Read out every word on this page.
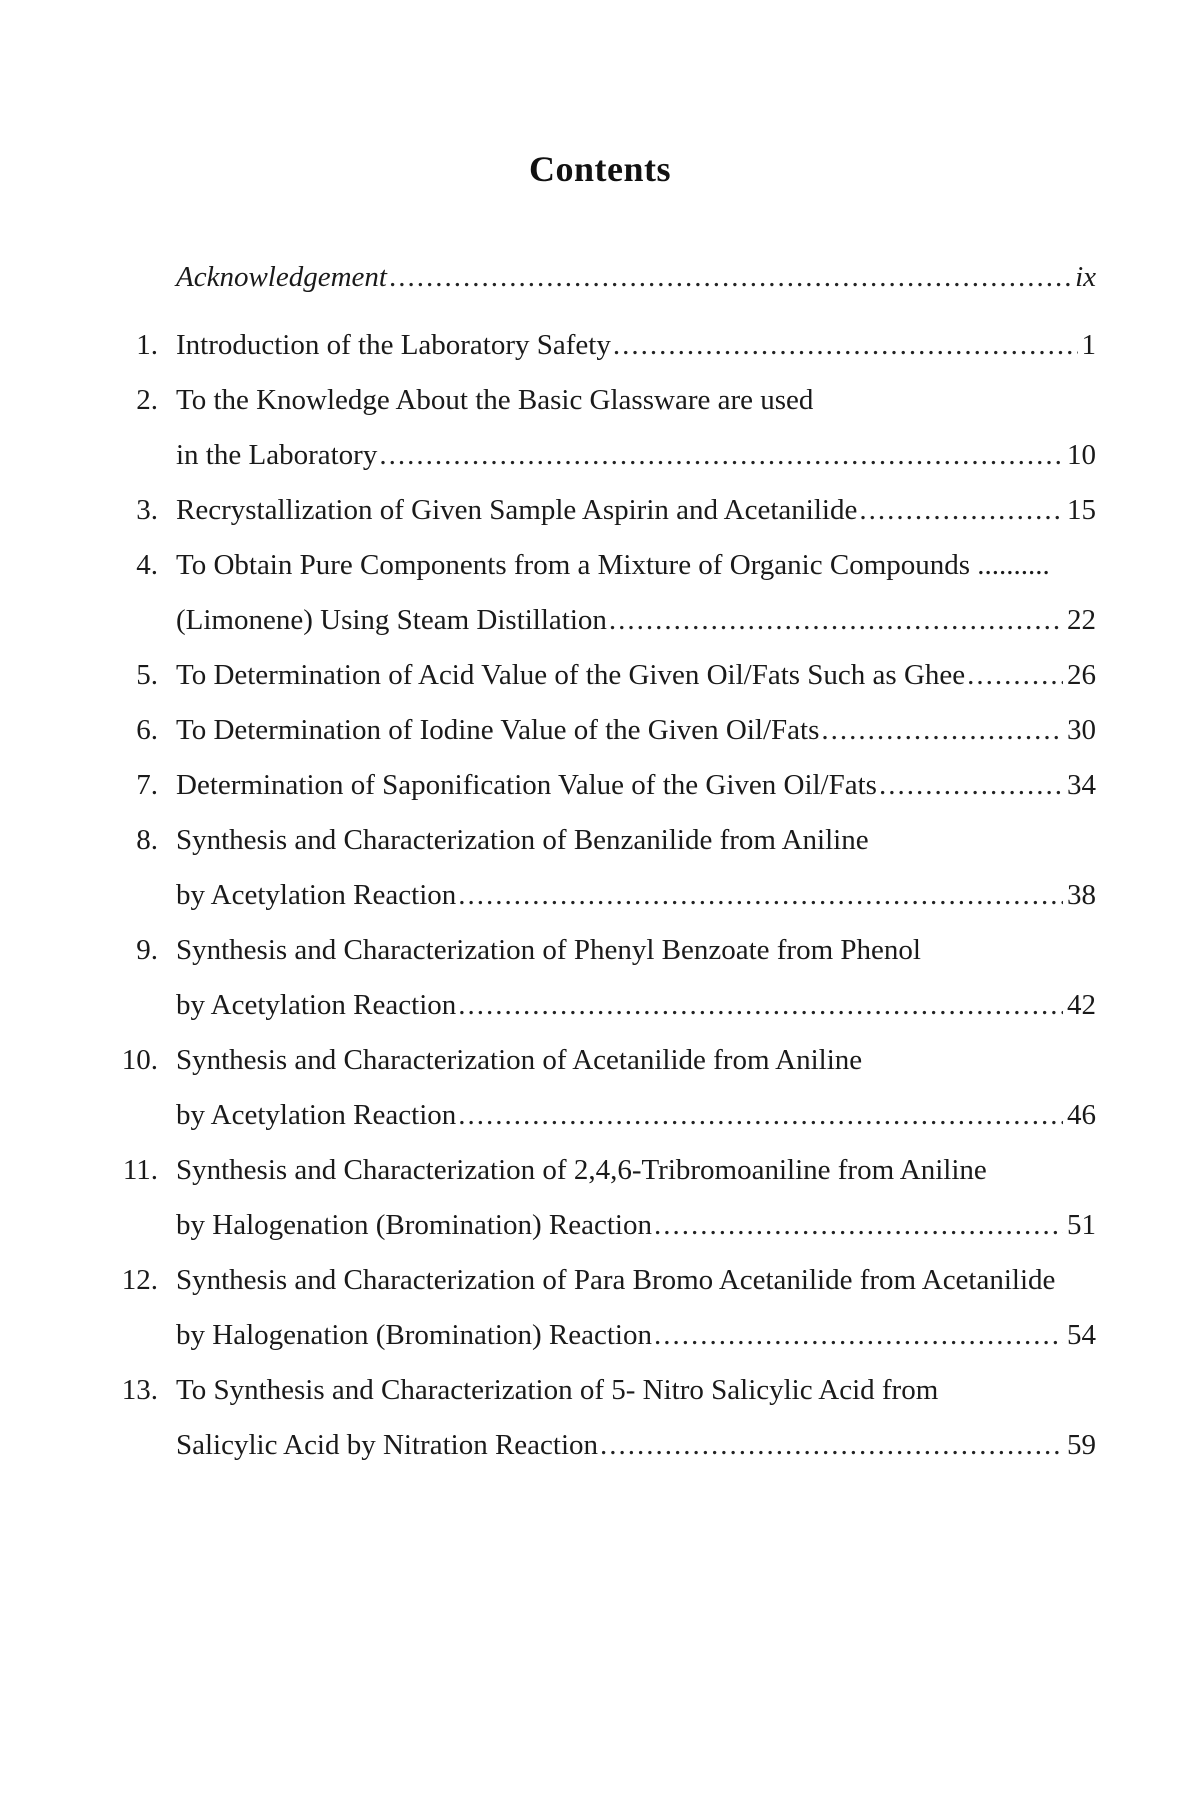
Contents
Acknowledgement .....	ix
1. Introduction of the Laboratory Safety .....	1
2. To the Knowledge About the Basic Glassware are used
in the Laboratory .....	10
3. Recrystallization of Given Sample Aspirin and Acetanilide .....	15
4. To Obtain Pure Components from a Mixture of Organic Compounds ..........
(Limonene) Using Steam Distillation .....	22
5. To Determination of Acid Value of the Given Oil/Fats Such as Ghee .....	26
6. To Determination of Iodine Value of the Given Oil/Fats .....	30
7. Determination of Saponification Value of the Given Oil/Fats .....	34
8. Synthesis and Characterization of Benzanilide from Aniline
by Acetylation Reaction .....	38
9. Synthesis and Characterization of Phenyl Benzoate from Phenol
by Acetylation Reaction .....	42
10. Synthesis and Characterization of Acetanilide from Aniline
by Acetylation Reaction .....	46
11. Synthesis and Characterization of 2,4,6-Tribromoaniline from Aniline
by Halogenation (Bromination) Reaction .....	51
12. Synthesis and Characterization of Para Bromo Acetanilide from Acetanilide
by Halogenation (Bromination) Reaction .....	54
13. To Synthesis and Characterization of 5- Nitro Salicylic Acid from
Salicylic Acid by Nitration Reaction .....	59
